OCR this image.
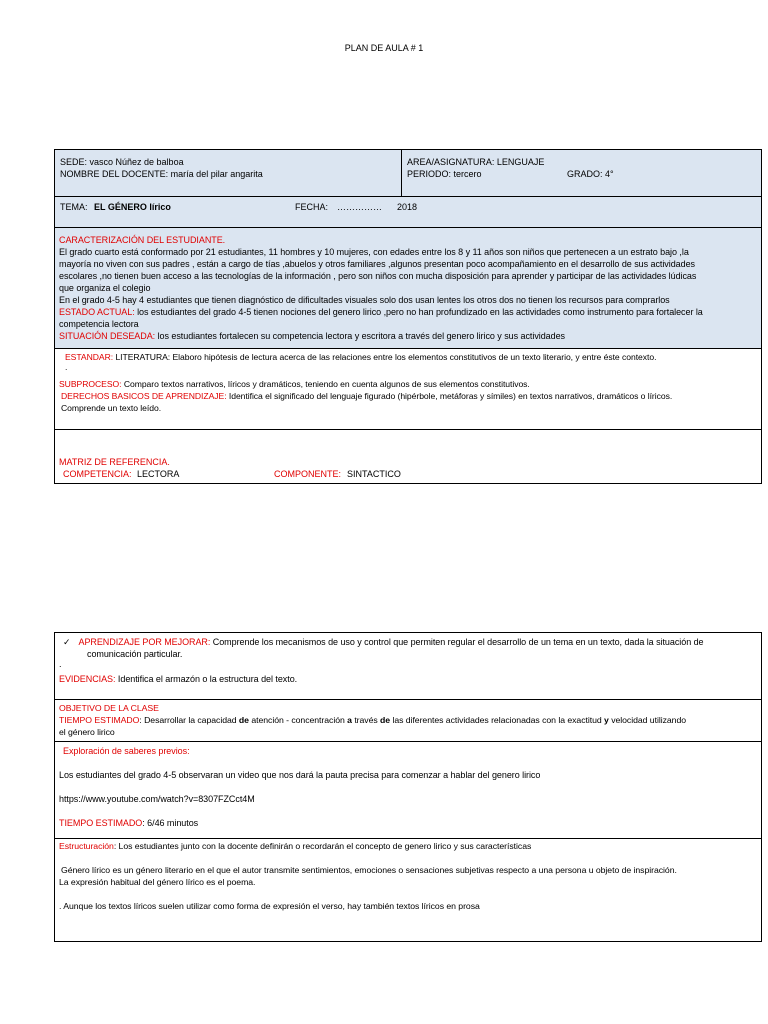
PLAN DE AULA # 1

SEDE: vasco Núñez de balboa

NOMBRE DEL DOCENTE: maría del pilar angarita

AREA/ASIGNATURA: LENGUAJE

PERIODO: tercero	GRADO: 4°

TEMA: EL GÉNERO lírico	FECHA: …………… 2018

CARACTERIZACIÓN DEL ESTUDIANTE.

El grado cuarto está conformado por 21 estudiantes, 11 hombres y 10 mujeres, con edades entre los 8 y 11 años son niños que pertenecen a un estrato bajo ,la

mayoría no viven con sus padres , están a cargo de tías ,abuelos y otros familiares ,algunos presentan poco acompañamiento en el desarrollo de sus actividades

escolares ,no tienen buen acceso a las tecnologías de la información , pero son niños con mucha disposición para aprender y participar de las actividades lúdicas

que organiza el colegio

En el grado 4-5 hay 4 estudiantes que tienen diagnóstico de dificultades visuales solo dos usan lentes los otros dos no tienen los recursos para comprarlos

ESTADO ACTUAL: los estudiantes del grado 4-5 tienen nociones del genero lirico ,pero no han profundizado en las actividades como instrumento para fortalecer la

competencia lectora

SITUACIÓN DESEADA: los estudiantes fortalecen su competencia lectora y escritora a través del genero lirico y sus actividades

ESTANDAR: LITERATURA: Elaboro hipótesis de lectura acerca de las relaciones entre los elementos constitutivos de un texto literario, y entre éste contexto.

.

SUBPROCESO: Comparo textos narrativos, líricos y dramáticos, teniendo en cuenta algunos de sus elementos constitutivos.

DERECHOS BASICOS DE APRENDIZAJE: Identifica el significado del lenguaje figurado (hipérbole, metáforas y símiles) en textos narrativos, dramáticos o líricos.

Comprende un texto leído.

MATRIZ DE REFERENCIA.

COMPETENCIA: LECTORA	COMPONENTE: SINTACTICO

✓ APRENDIZAJE POR MEJORAR: Comprende los mecanismos de uso y control que permiten regular el desarrollo de un tema en un texto, dada la situación de

comunicación particular.

.

EVIDENCIAS: Identifica el armazón o la estructura del texto.

OBJETIVO DE LA CLASE

TIEMPO ESTIMADO: Desarrollar la capacidad de atención - concentración a través de las diferentes actividades relacionadas con la exactitud y velocidad utilizando

el género lirico

Exploración de saberes previos:

Los estudiantes del grado 4-5 observaran un video que nos dará la pauta precisa para comenzar a hablar del genero lirico

https://www.youtube.com/watch?v=8307FZCct4M

TIEMPO ESTIMADO: 6/46 minutos

Estructuración: Los estudiantes junto con la docente definirán o recordarán el concepto de genero lirico y sus características

Género lírico es un género literario en el que el autor transmite sentimientos, emociones o sensaciones subjetivas respecto a una persona u objeto de inspiración.

La expresión habitual del género lírico es el poema.

. Aunque los textos líricos suelen utilizar como forma de expresión el verso, hay también textos líricos en prosa
